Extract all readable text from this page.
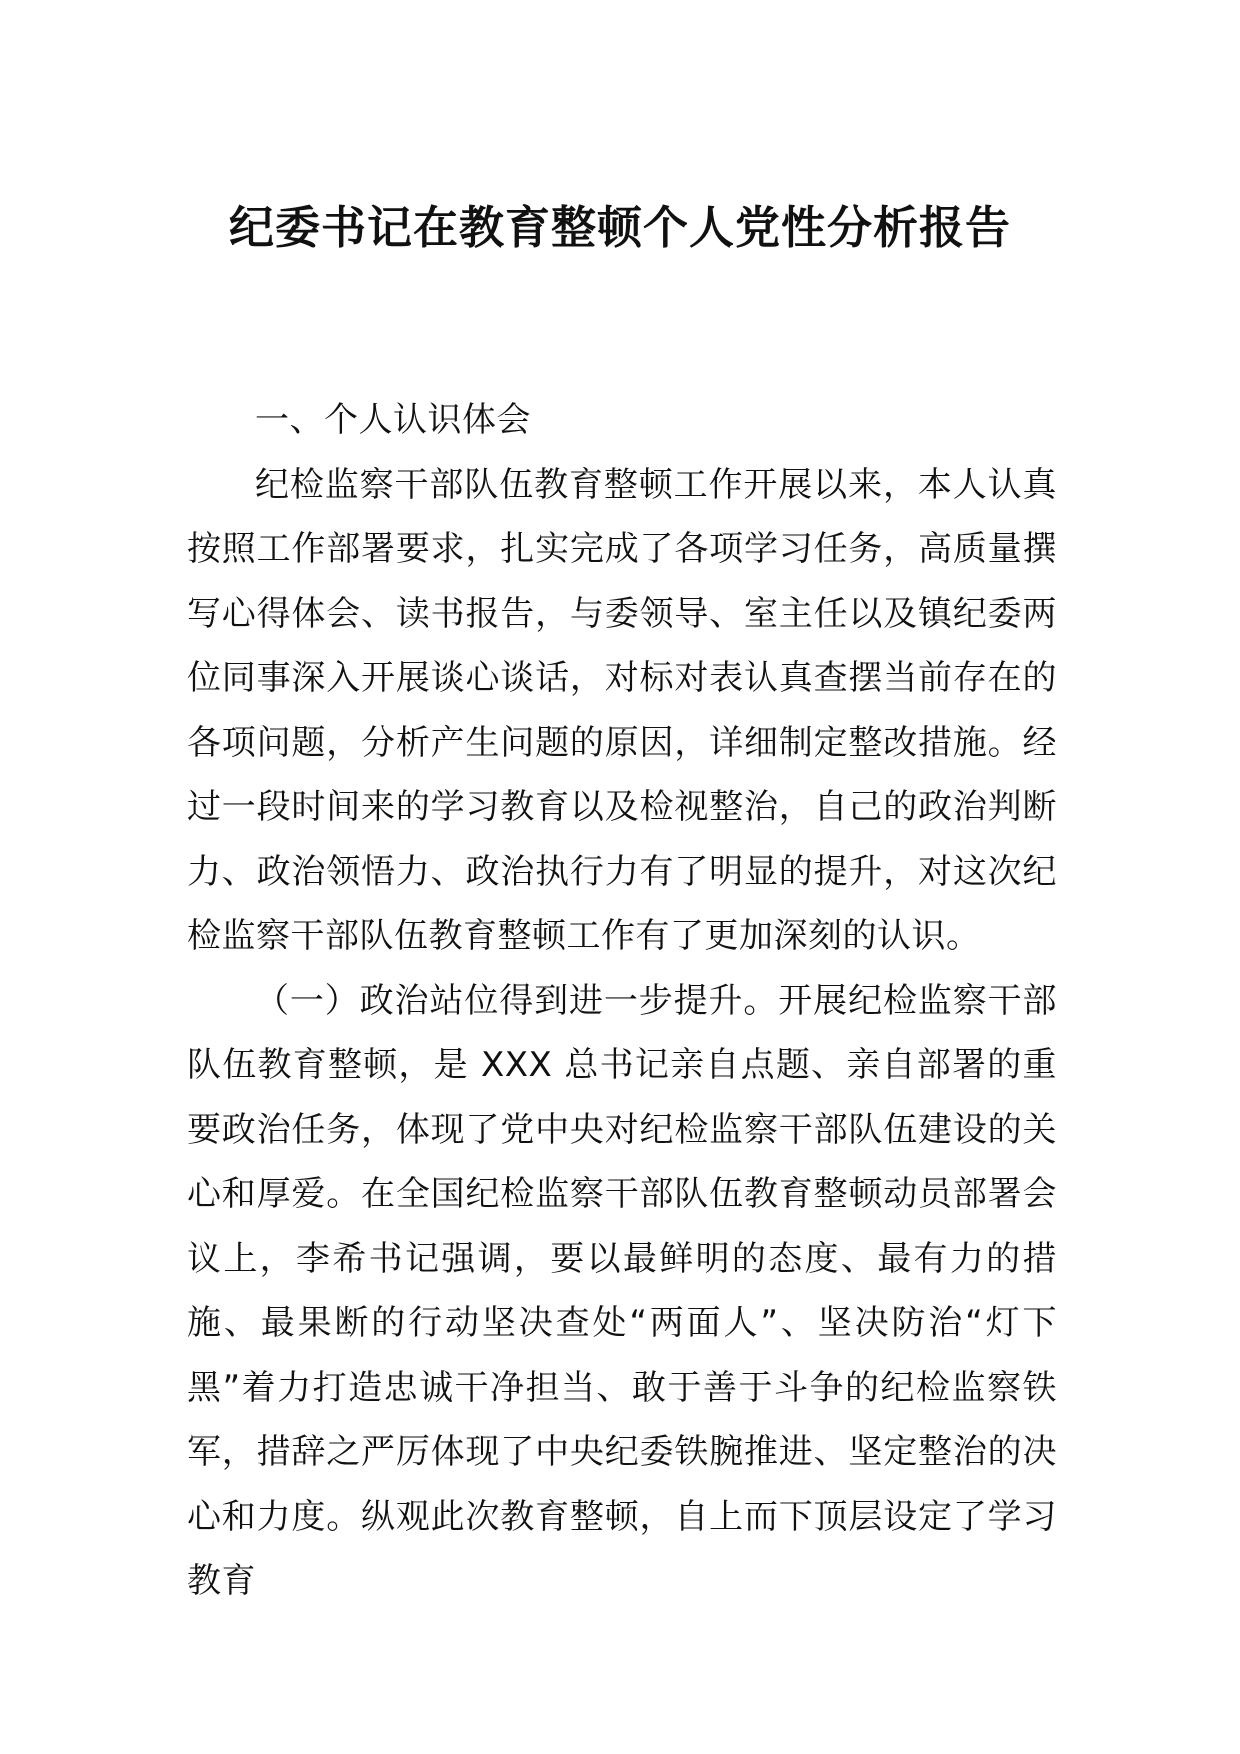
纪委书记在教育整顿个人党性分析报告

一、个人认识体会

纪检监察干部队伍教育整顿工作开展以来，本人认真按照工作部署要求，扎实完成了各项学习任务，高质量撰写心得体会、读书报告，与委领导、室主任以及镇纪委两位同事深入开展谈心谈话，对标对表认真查摆当前存在的各项问题，分析产生问题的原因，详细制定整改措施。经过一段时间来的学习教育以及检视整治，自己的政治判断力、政治领悟力、政治执行力有了明显的提升，对这次纪检监察干部队伍教育整顿工作有了更加深刻的认识。

（一）政治站位得到进一步提升。开展纪检监察干部队伍教育整顿，是 XXX 总书记亲自点题、亲自部署的重要政治任务，体现了党中央对纪检监察干部队伍建设的关心和厚爱。在全国纪检监察干部队伍教育整顿动员部署会议上，李希书记强调，要以最鲜明的态度、最有力的措施、最果断的行动坚决查处“两面人”、坚决防治“灯下黑”着力打造忠诚干净担当、敢于善于斗争的纪检监察铁军，措辞之严厉体现了中央纪委铁腕推进、坚定整治的决心和力度。纵观此次教育整顿，自上而下顶层设定了学习教育
